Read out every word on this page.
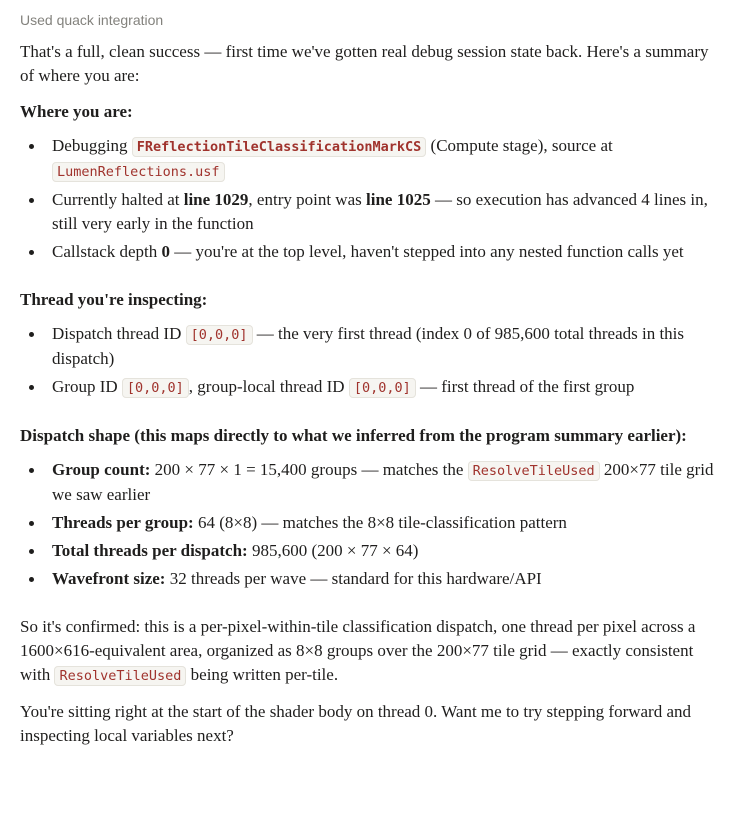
Used quack integration

That's a full, clean success — first time we've gotten real debug session state back. Here's a summary of where you are:

Where you are:
Debugging FReflectionTileClassificationMarkCS (Compute stage), source at LumenReflections.usf
Currently halted at line 1029, entry point was line 1025 — so execution has advanced 4 lines in, still very early in the function
Callstack depth 0 — you're at the top level, haven't stepped into any nested function calls yet
Thread you're inspecting:
Dispatch thread ID [0,0,0] — the very first thread (index 0 of 985,600 total threads in this dispatch)
Group ID [0,0,0] , group-local thread ID [0,0,0] — first thread of the first group
Dispatch shape (this maps directly to what we inferred from the program summary earlier):
Group count: 200 × 77 × 1 = 15,400 groups — matches the ResolveTileUsed 200×77 tile grid we saw earlier
Threads per group: 64 (8×8) — matches the 8×8 tile-classification pattern
Total threads per dispatch: 985,600 (200 × 77 × 64)
Wavefront size: 32 threads per wave — standard for this hardware/API

So it's confirmed: this is a per-pixel-within-tile classification dispatch, one thread per pixel across a 1600×616-equivalent area, organized as 8×8 groups over the 200×77 tile grid — exactly consistent with ResolveTileUsed being written per-tile.

You're sitting right at the start of the shader body on thread 0. Want me to try stepping forward and inspecting local variables next?
